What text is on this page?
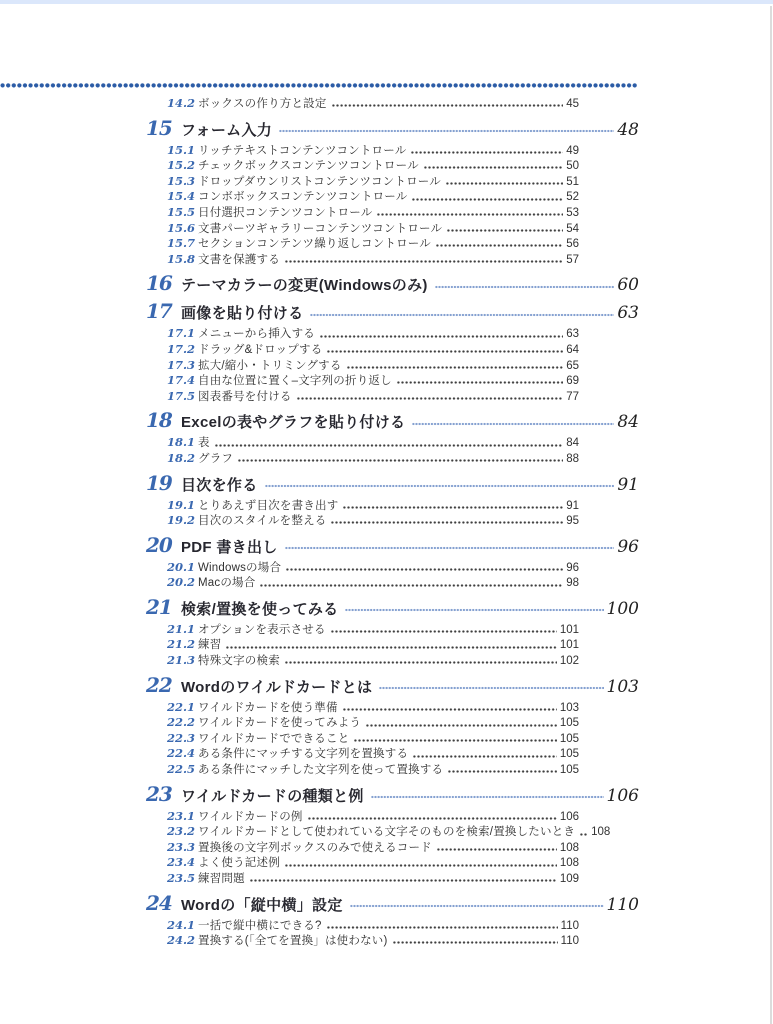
14.2 ボックスの作り方と設定	45
15 フォーム入力	48
15.1 リッチテキストコンテンツコントロール	49
15.2 チェックボックスコンテンツコントロール	50
15.3 ドロップダウンリストコンテンツコントロール	51
15.4 コンボボックスコンテンツコントロール	52
15.5 日付選択コンテンツコントロール	53
15.6 文書パーツギャラリーコンテンツコントロール	54
15.7 セクションコンテンツ繰り返しコントロール	56
15.8 文書を保護する	57
16 テーマカラーの変更(Windowsのみ)	60
17 画像を貼り付ける	63
17.1 メニューから挿入する	63
17.2 ドラッグ&ドロップする	64
17.3 拡大/縮小・トリミングする	65
17.4 自由な位置に置く–文字列の折り返し	69
17.5 図表番号を付ける	77
18 Excelの表やグラフを貼り付ける	84
18.1 表	84
18.2 グラフ	88
19 目次を作る	91
19.1 とりあえず目次を書き出す	91
19.2 目次のスタイルを整える	95
20 PDF 書き出し	96
20.1 Windowsの場合	96
20.2 Macの場合	98
21 検索/置換を使ってみる	100
21.1 オプションを表示させる	101
21.2 練習	101
21.3 特殊文字の検索	102
22 Wordのワイルドカードとは	103
22.1 ワイルドカードを使う準備	103
22.2 ワイルドカードを使ってみよう	105
22.3 ワイルドカードでできること	105
22.4 ある条件にマッチする文字列を置換する	105
22.5 ある条件にマッチした文字列を使って置換する	105
23 ワイルドカードの種類と例	106
23.1 ワイルドカードの例	106
23.2 ワイルドカードとして使われている文字そのものを検索/置換したいとき 108
23.3 置換後の文字列ボックスのみで使えるコード	108
23.4 よく使う記述例	108
23.5 練習問題	109
24 Wordの「縦中横」設定	110
24.1 一括で縦中横にできる?	110
24.2 置換する(「全てを置換」は使わない)	110
